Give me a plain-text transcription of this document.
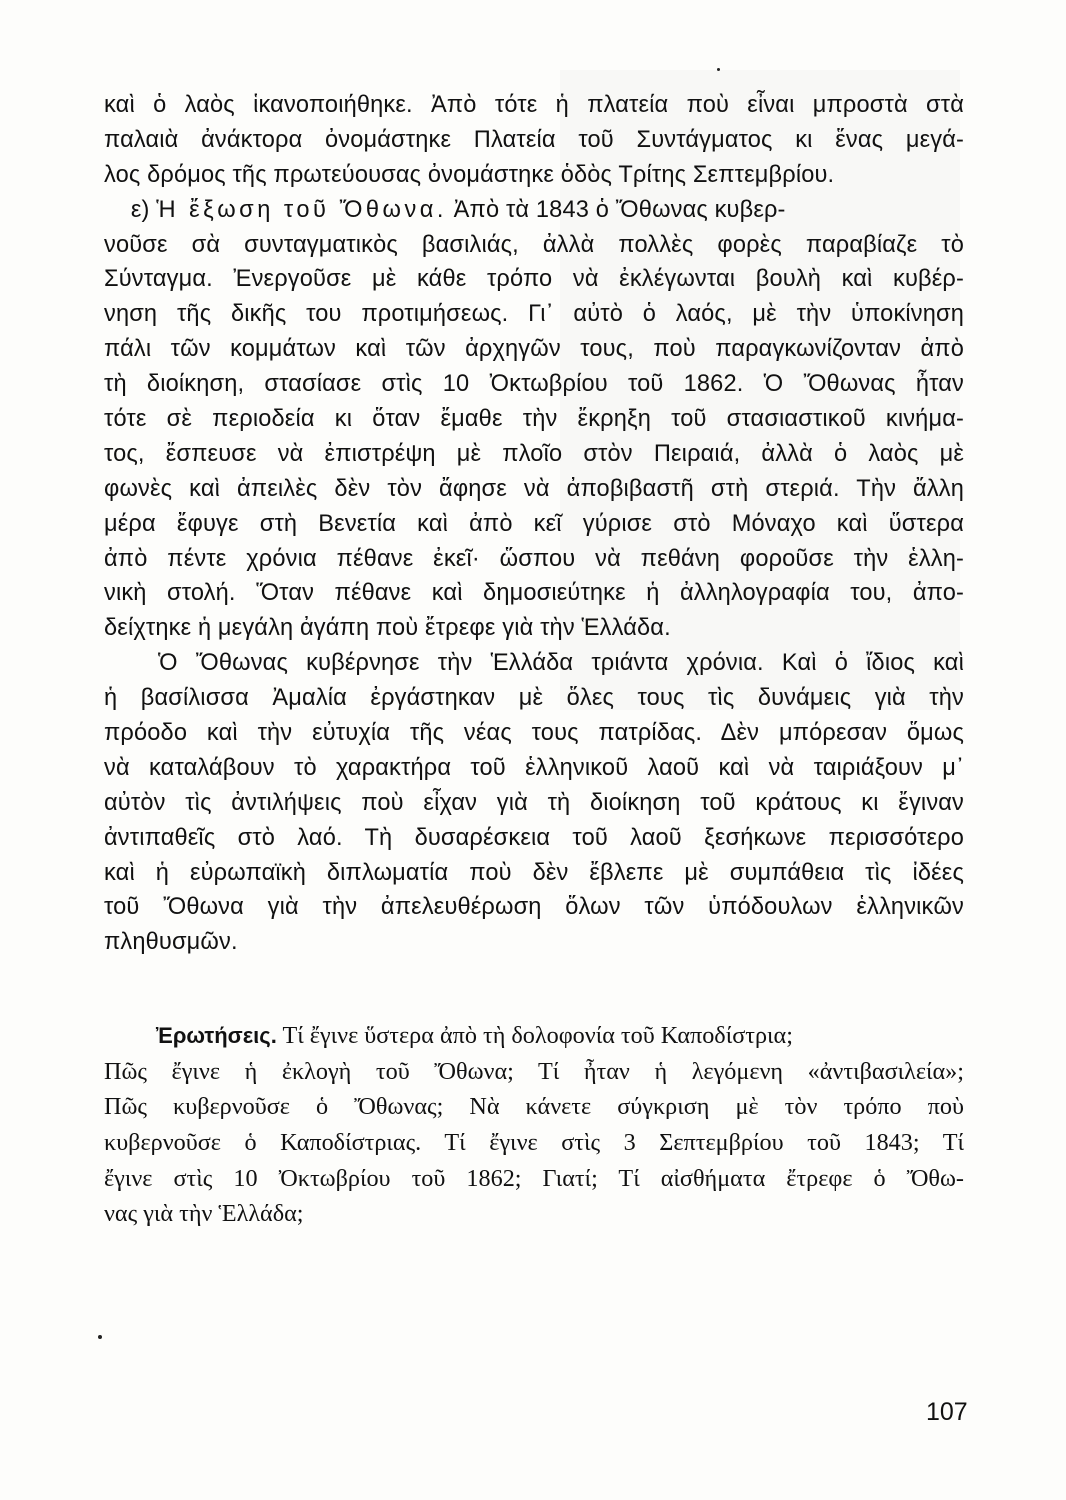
καὶ ὁ λαὸς ἱκανοποιήθηκε. Ἀπὸ τότε ἡ πλατεία ποὺ εἶναι μπροστὰ στὰ
παλαιὰ ἀνάκτορα ὀνομάστηκε Πλατεία τοῦ Συντάγματος κι ἕνας μεγά-
λος δρόμος τῆς πρωτεύουσας ὀνομάστηκε ὁδὸς Τρίτης Σεπτεμβρίου.
ε) Ἡ ἔξωση τοῦ Ὄθωνα. Ἀπὸ τὰ 1843 ὁ Ὄθωνας κυβερ-
νοῦσε σὰ συνταγματικὸς βασιλιάς, ἀλλὰ πολλὲς φορὲς παραβίαζε τὸ
Σύνταγμα. Ἐνεργοῦσε μὲ κάθε τρόπο νὰ ἐκλέγωνται βουλὴ καὶ κυβέρ-
νηση τῆς δικῆς του προτιμήσεως. Γι᾽ αὐτὸ ὁ λαός, μὲ τὴν ὑποκίνηση
πάλι τῶν κομμάτων καὶ τῶν ἀρχηγῶν τους, ποὺ παραγκωνίζονταν ἀπὸ
τὴ διοίκηση, στασίασε στὶς 10 Ὀκτωβρίου τοῦ 1862. Ὁ Ὄθωνας ἦταν
τότε σὲ περιοδεία κι ὅταν ἔμαθε τὴν ἔκρηξη τοῦ στασιαστικοῦ κινήμα-
τος, ἔσπευσε νὰ ἐπιστρέψη μὲ πλοῖο στὸν Πειραιά, ἀλλὰ ὁ λαὸς μὲ
φωνὲς καὶ ἀπειλὲς δὲν τὸν ἄφησε νὰ ἀποβιβαστῆ στὴ στεριά. Τὴν ἄλλη
μέρα ἔφυγε στὴ Βενετία καὶ ἀπὸ κεῖ γύρισε στὸ Μόναχο καὶ ὕστερα
ἀπὸ πέντε χρόνια πέθανε ἐκεῖ· ὥσπου νὰ πεθάνη φοροῦσε τὴν ἑλλη-
νικὴ στολή. Ὅταν πέθανε καὶ δημοσιεύτηκε ἡ ἀλληλογραφία του, ἀπο-
δείχτηκε ἡ μεγάλη ἀγάπη ποὺ ἔτρεφε γιὰ τὴν Ἑλλάδα.
Ὁ Ὄθωνας κυβέρνησε τὴν Ἑλλάδα τριάντα χρόνια. Καὶ ὁ ἴδιος καὶ
ἡ βασίλισσα Ἀμαλία ἐργάστηκαν μὲ ὅλες τους τὶς δυνάμεις γιὰ τὴν
πρόοδο καὶ τὴν εὐτυχία τῆς νέας τους πατρίδας. Δὲν μπόρεσαν ὅμως
νὰ καταλάβουν τὸ χαρακτήρα τοῦ ἑλληνικοῦ λαοῦ καὶ νὰ ταιριάξουν μ᾽
αὐτὸν τὶς ἀντιλήψεις ποὺ εἶχαν γιὰ τὴ διοίκηση τοῦ κράτους κι ἔγιναν
ἀντιπαθεῖς στὸ λαό. Τὴ δυσαρέσκεια τοῦ λαοῦ ξεσήκωνε περισσότερο
καὶ ἡ εὐρωπαϊκὴ διπλωματία ποὺ δὲν ἔβλεπε μὲ συμπάθεια τὶς ἰδέες
τοῦ Ὄθωνα γιὰ τὴν ἀπελευθέρωση ὅλων τῶν ὑπόδουλων ἑλληνικῶν
πληθυσμῶν.
Ἐρωτήσεις. Τί ἔγινε ὕστερα ἀπὸ τὴ δολοφονία τοῦ Καποδίστρια;
Πῶς ἔγινε ἡ ἐκλογὴ τοῦ Ὄθωνα; Τί ἦταν ἡ λεγόμενη «ἀντιβασιλεία»;
Πῶς κυβερνοῦσε ὁ Ὄθωνας; Νὰ κάνετε σύγκριση μὲ τὸν τρόπο ποὺ
κυβερνοῦσε ὁ Καποδίστριας. Τί ἔγινε στὶς 3 Σεπτεμβρίου τοῦ 1843; Τί
ἔγινε στὶς 10 Ὀκτωβρίου τοῦ 1862; Γιατί; Τί αἰσθήματα ἔτρεφε ὁ Ὄθω-
νας γιὰ τὴν Ἑλλάδα;
107
